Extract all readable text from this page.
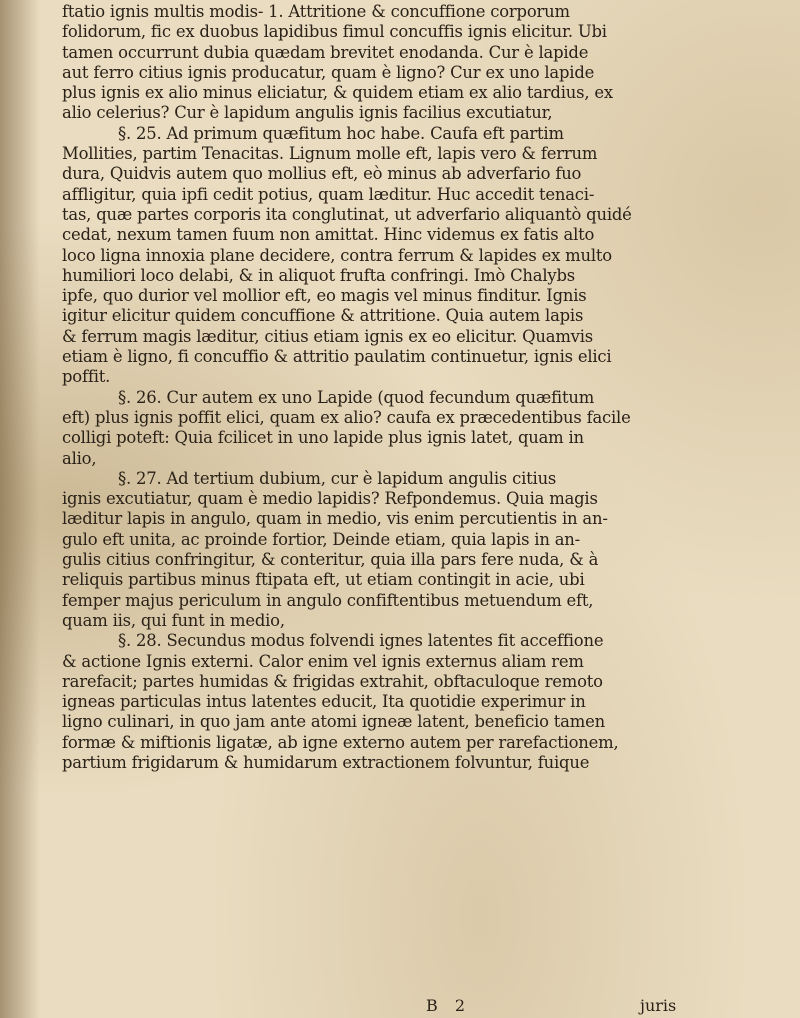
ftatio ignis multis modis- 1. Attritione & concuffione corporum
folidorum, fic ex duobus lapidibus fimul concuffis ignis elicitur. Ubi
tamen occurrunt dubia quædam brevitet enodanda. Cur è lapide
aut ferro citius ignis producatur, quam è ligno? Cur ex uno lapide
plus ignis ex alio minus eliciatur, & quidem etiam ex alio tardius, ex
alio celerius? Cur è lapidum angulis ignis facilius excutiatur,
§. 25. Ad primum quæfitum hoc habe. Caufa eft partim
Mollities, partim Tenacitas. Lignum molle eft, lapis vero & ferrum
dura, Quidvis autem quo mollius eft, eò minus ab adverfario fuo
affligitur, quia ipfi cedit potius, quam læditur. Huc accedit tenaci-
tas, quæ partes corporis ita conglutinat, ut adverfario aliquantò quidé
cedat, nexum tamen fuum non amittat. Hinc videmus ex fatis alto
loco ligna innoxia plane decidere, contra ferrum & lapides ex multo
humiliori loco delabi, & in aliquot frufta confringi. Imò Chalybs
ipfe, quo durior vel mollior eft, eo magis vel minus finditur. Ignis
igitur elicitur quidem concuffione & attritione. Quia autem lapis
& ferrum magis læditur, citius etiam ignis ex eo elicitur. Quamvis
etiam è ligno, fi concuffio & attritio paulatim continuetur, ignis elici
poffit.
§. 26. Cur autem ex uno Lapide (quod fecundum quæfitum
eft) plus ignis poffit elici, quam ex alio? caufa ex præcedentibus facile
colligi poteft: Quia fcilicet in uno lapide plus ignis latet, quam in
alio,
§. 27. Ad tertium dubium, cur è lapidum angulis citius
ignis excutiatur, quam è medio lapidis? Refpondemus. Quia magis
læditur lapis in angulo, quam in medio, vis enim percutientis in an-
gulo eft unita, ac proinde fortior, Deinde etiam, quia lapis in an-
gulis citius confringitur, & conteritur, quia illa pars fere nuda, & à
reliquis partibus minus ftipata eft, ut etiam contingit in acie, ubi
femper majus periculum in angulo confiftentibus metuendum eft,
quam iis, qui funt in medio,
§. 28. Secundus modus folvendi ignes latentes fit acceffione
& actione Ignis externi. Calor enim vel ignis externus aliam rem
rarefacit; partes humidas & frigidas extrahit, obftaculoque remoto
igneas particulas intus latentes educit, Ita quotidie experimur in
ligno culinari, in quo jam ante atomi igneæ latent, beneficio tamen
formæ & miftionis ligatæ, ab igne externo autem per rarefactionem,
partium frigidarum & humidarum extractionem folvuntur, fuique
B 2	juris
